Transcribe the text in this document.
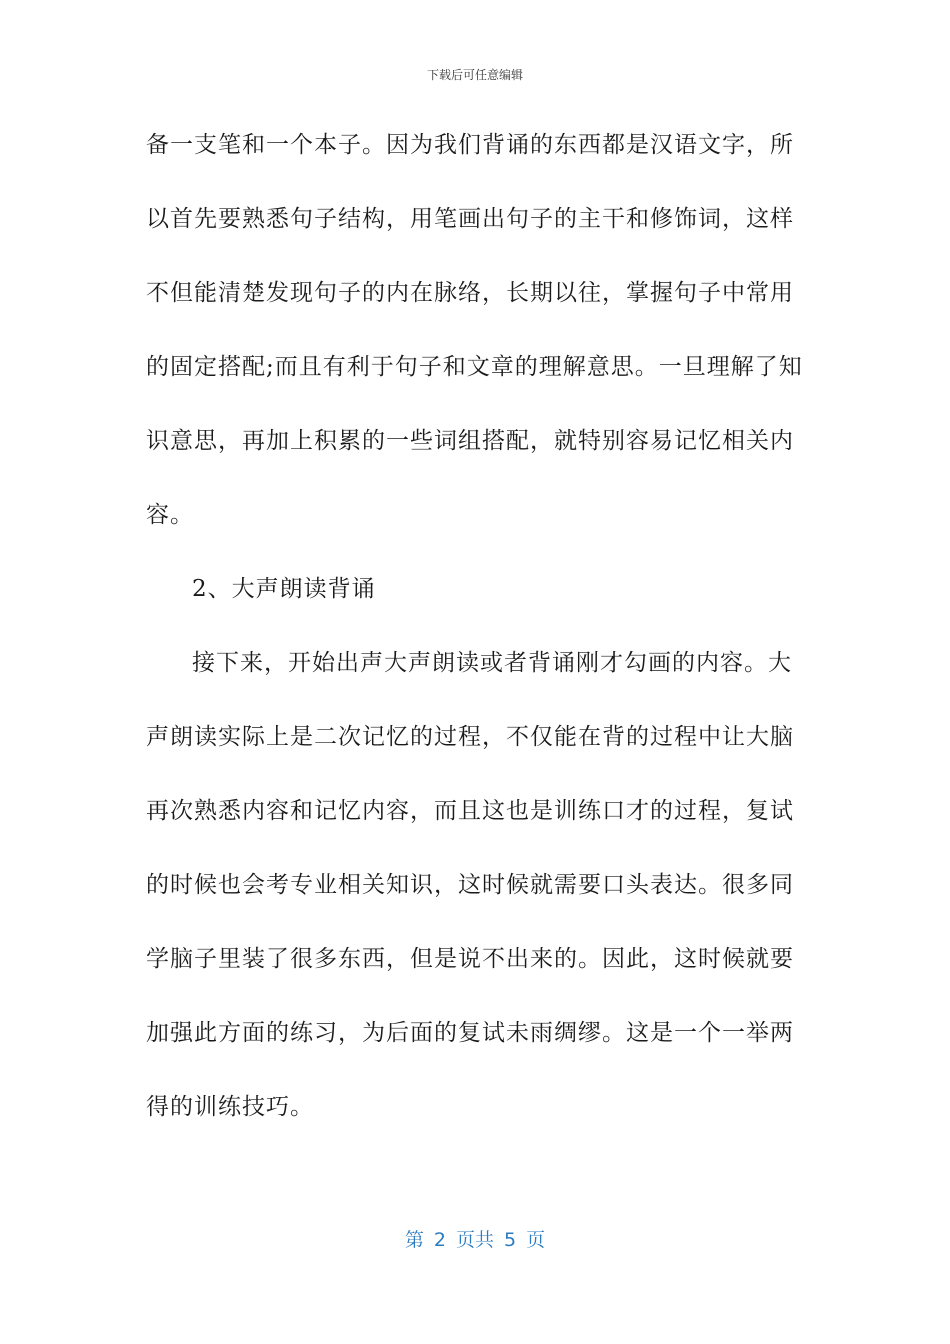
下载后可任意编辑
备一支笔和一个本子。因为我们背诵的东西都是汉语文字，所
以首先要熟悉句子结构，用笔画出句子的主干和修饰词，这样
不但能清楚发现句子的内在脉络，长期以往，掌握句子中常用
的固定搭配;而且有利于句子和文章的理解意思。一旦理解了知
识意思，再加上积累的一些词组搭配，就特别容易记忆相关内
容。
2、大声朗读背诵
接下来，开始出声大声朗读或者背诵刚才勾画的内容。大
声朗读实际上是二次记忆的过程，不仅能在背的过程中让大脑
再次熟悉内容和记忆内容，而且这也是训练口才的过程，复试
的时候也会考专业相关知识，这时候就需要口头表达。很多同
学脑子里装了很多东西，但是说不出来的。因此，这时候就要
加强此方面的练习，为后面的复试未雨绸缪。这是一个一举两
得的训练技巧。
第 2 页共 5 页
